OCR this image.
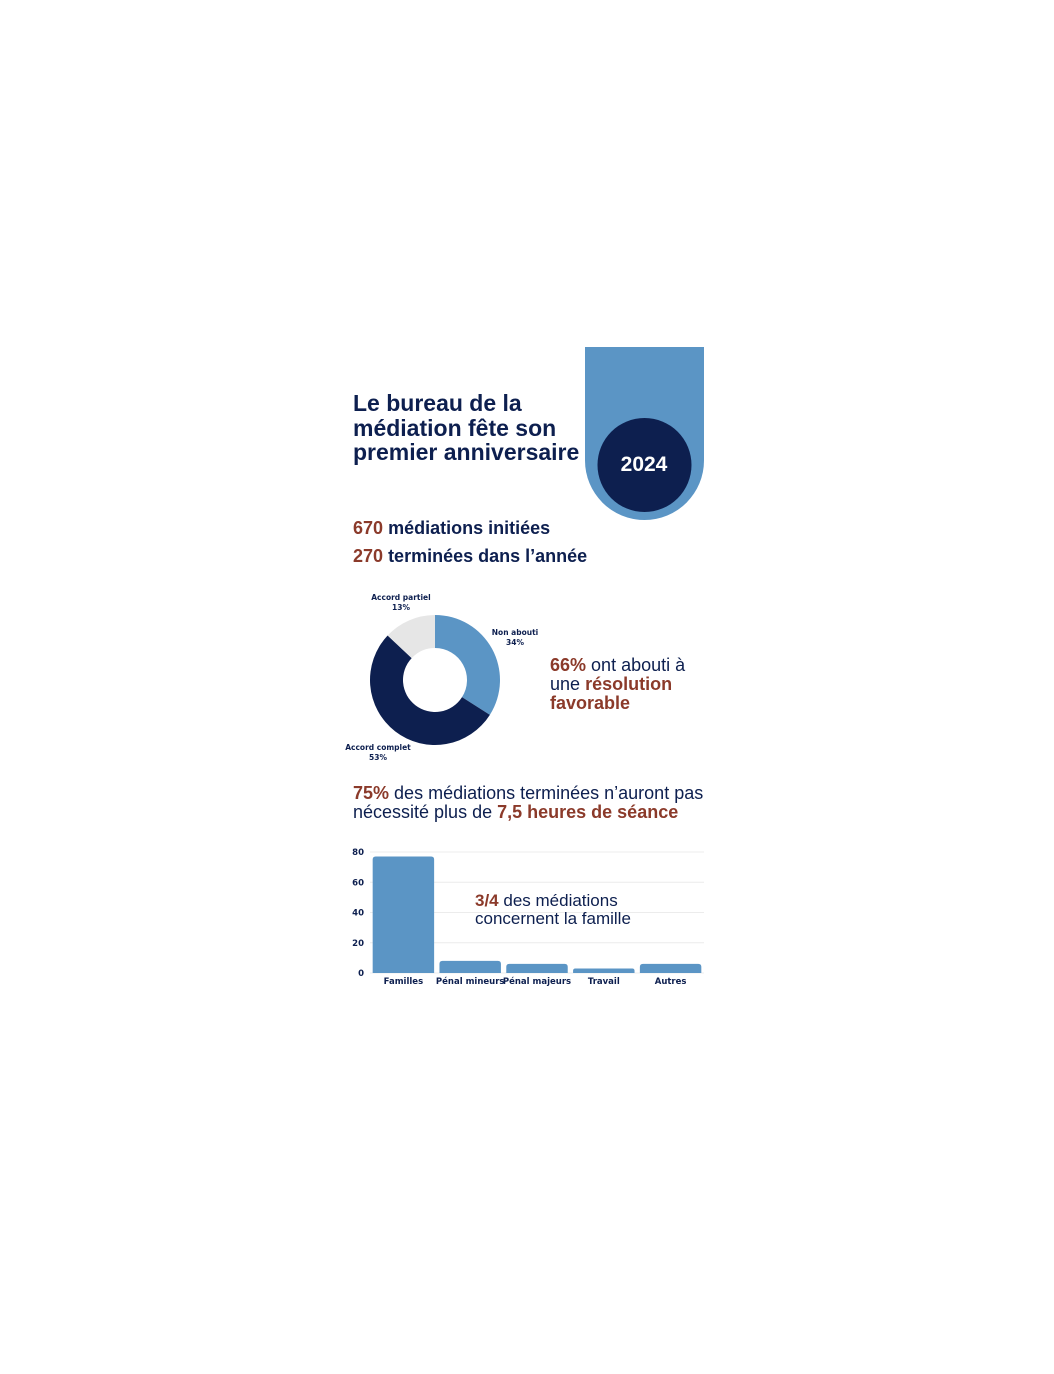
2024
Le bureau de la médiation fête son premier anniversaire

670 médiations initiées

270 terminées dans l’année

Non abouti
34%
Accord complet
53%
Accord partiel
13%

66% ont abouti à une résolution favorable

75% des médiations terminées n’auront pas nécessité plus de 7,5 heures de séance

0
20
40
60
80
Familles Pénal mineurs
Pénal majeurs Travail	Autres

3/4 des médiations concernent la famille
